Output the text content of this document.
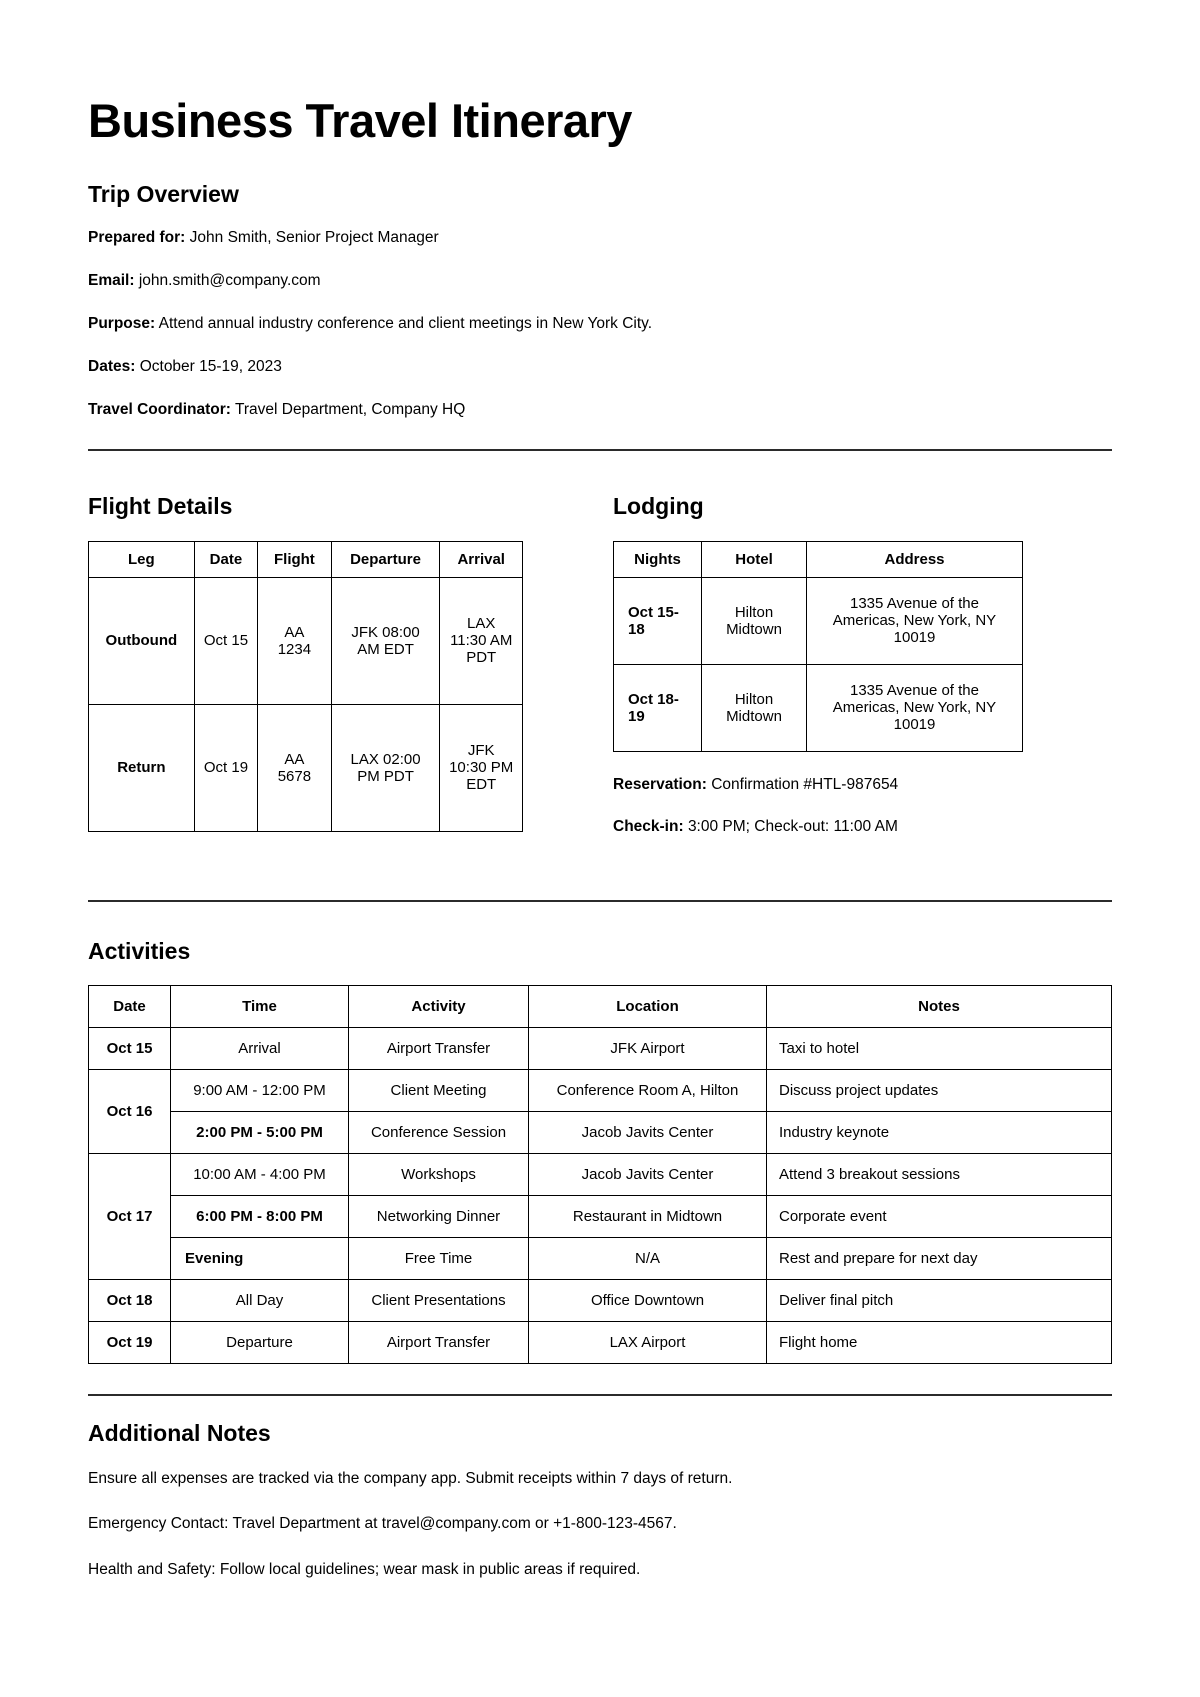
Business Travel Itinerary
Trip Overview

Prepared for: John Smith, Senior Project Manager

Email: john.smith@company.com

Purpose: Attend annual industry conference and client meetings in New York City.

Dates: October 15-19, 2023

Travel Coordinator: Travel Department, Company HQ

Flight Details
Leg	Date	Flight	Departure	Arrival
Outbound	Oct 15	AA 1234	JFK 08:00 AM EDT	LAX 11:30 AM PDT
Return	Oct 19	AA 5678	LAX 02:00 PM PDT	JFK 10:30 PM EDT
Lodging
Nights	Hotel	Address
Oct 15-18	Hilton Midtown	1335 Avenue of the Americas, New York, NY 10019
Oct 18-19	Hilton Midtown	1335 Avenue of the Americas, New York, NY 10019

Reservation: Confirmation #HTL-987654

Check-in: 3:00 PM; Check-out: 11:00 AM

Activities
Date	Time	Activity	Location	Notes
Oct 15	Arrival	Airport Transfer	JFK Airport	Taxi to hotel
Oct 16	9:00 AM - 12:00 PM	Client Meeting	Conference Room A, Hilton	Discuss project updates
	2:00 PM - 5:00 PM	Conference Session	Jacob Javits Center	Industry keynote
Oct 17	10:00 AM - 4:00 PM	Workshops	Jacob Javits Center	Attend 3 breakout sessions
	6:00 PM - 8:00 PM	Networking Dinner	Restaurant in Midtown	Corporate event
	Evening	Free Time	N/A	Rest and prepare for next day
Oct 18	All Day	Client Presentations	Office Downtown	Deliver final pitch
Oct 19	Departure	Airport Transfer	LAX Airport	Flight home
Additional Notes

Ensure all expenses are tracked via the company app. Submit receipts within 7 days of return.

Emergency Contact: Travel Department at travel@company.com or +1-800-123-4567.

Health and Safety: Follow local guidelines; wear mask in public areas if required.
